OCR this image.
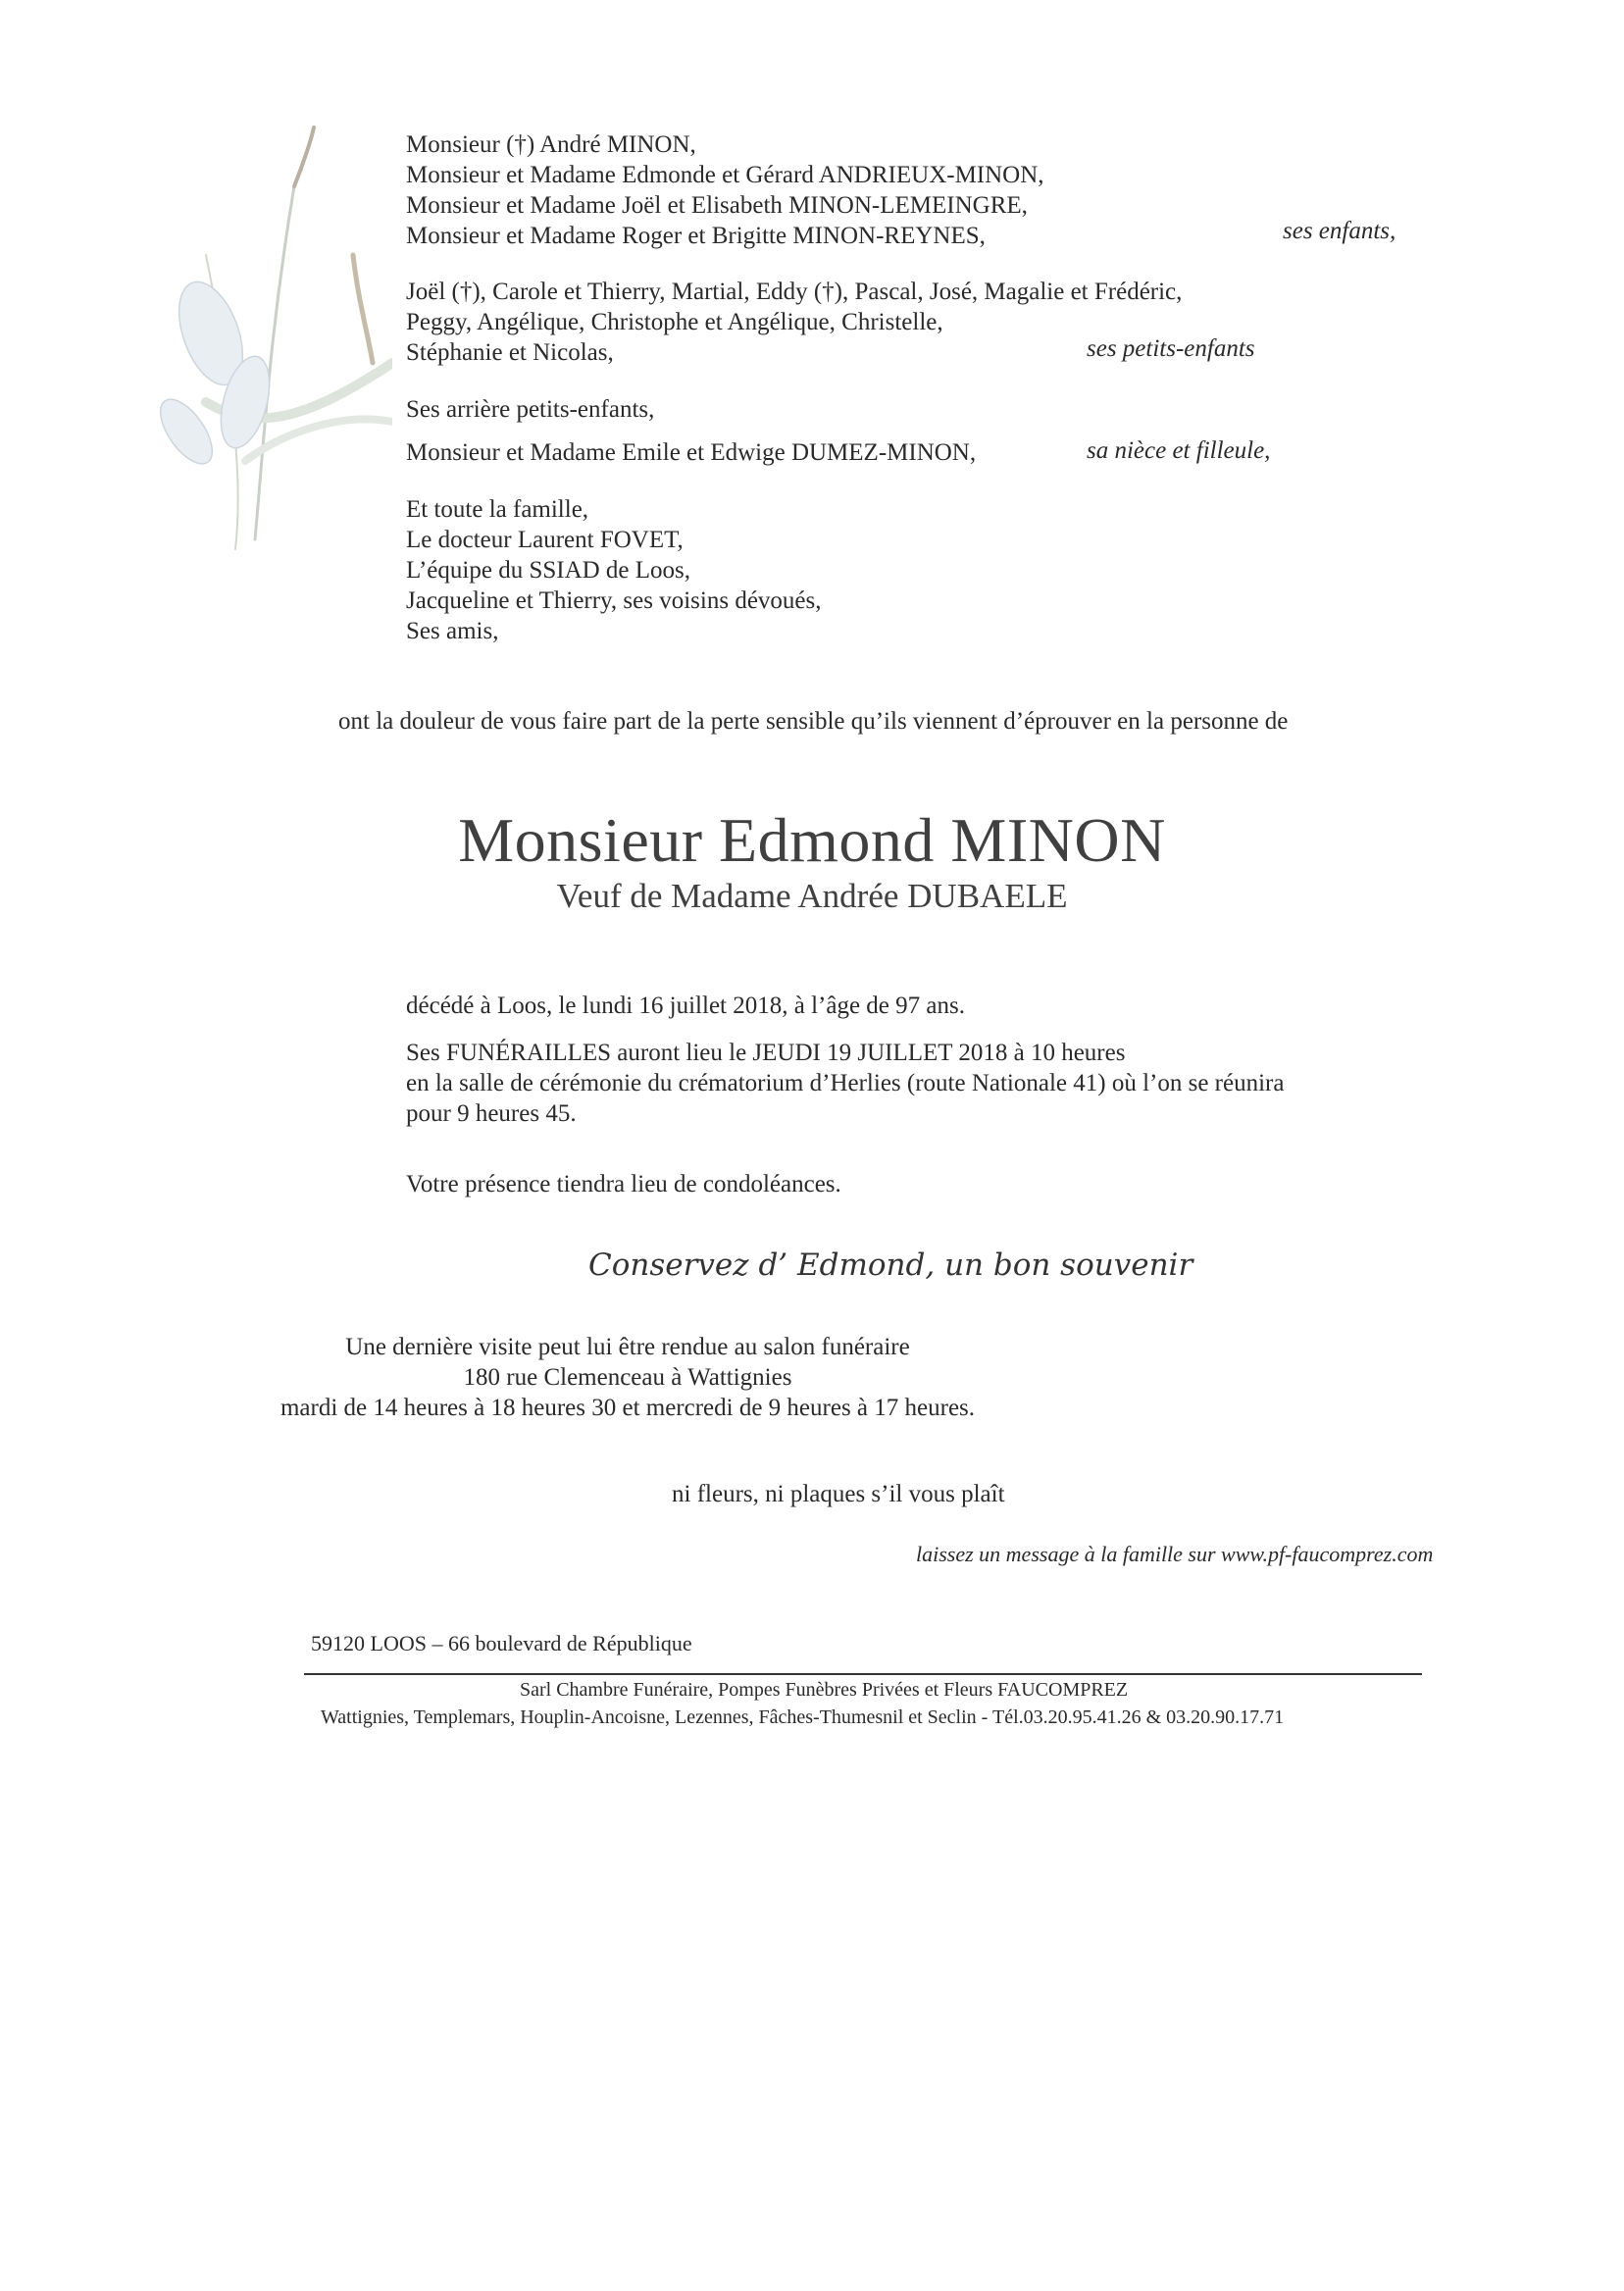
Monsieur (†) André MINON,
Monsieur et Madame Edmonde et Gérard ANDRIEUX-MINON,
Monsieur et Madame Joël et Elisabeth MINON-LEMEINGRE,
Monsieur et Madame Roger et Brigitte MINON-REYNES,	ses enfants,
Joël (†), Carole et Thierry, Martial, Eddy (†), Pascal, José, Magalie et Frédéric,
Peggy, Angélique, Christophe et Angélique, Christelle,
Stéphanie et Nicolas,	ses petits-enfants
Ses arrière petits-enfants,
Monsieur et Madame Emile et Edwige DUMEZ-MINON,	sa nièce et filleule,
Et toute la famille,
Le docteur Laurent FOVET,
L’équipe du SSIAD de Loos,
Jacqueline et Thierry, ses voisins dévoués,
Ses amis,
ont la douleur de vous faire part de la perte sensible qu’ils viennent d’éprouver en la personne de
Monsieur Edmond MINON
Veuf de Madame Andrée DUBAELE
décédé à Loos, le lundi 16 juillet 2018, à l’âge de 97 ans.
Ses FUNÉRAILLES auront lieu le JEUDI 19 JUILLET 2018 à 10 heures
en la salle de cérémonie du crématorium d’Herlies (route Nationale 41) où l’on se réunira
pour 9 heures 45.
Votre présence tiendra lieu de condoléances.
Conservez d’ Edmond, un bon souvenir
Une dernière visite peut lui être rendue au salon funéraire
180 rue Clemenceau à Wattignies
mardi de 14 heures à 18 heures 30 et mercredi de 9 heures à 17 heures.
ni fleurs, ni plaques s’il vous plaît
laissez un message à la famille sur www.pf-faucomprez.com
59120 LOOS – 66 boulevard de République
Sarl Chambre Funéraire, Pompes Funèbres Privées et Fleurs FAUCOMPREZ
Wattignies, Templemars, Houplin-Ancoisne, Lezennes, Fâches-Thumesnil et Seclin - Tél.03.20.95.41.26 & 03.20.90.17.71
